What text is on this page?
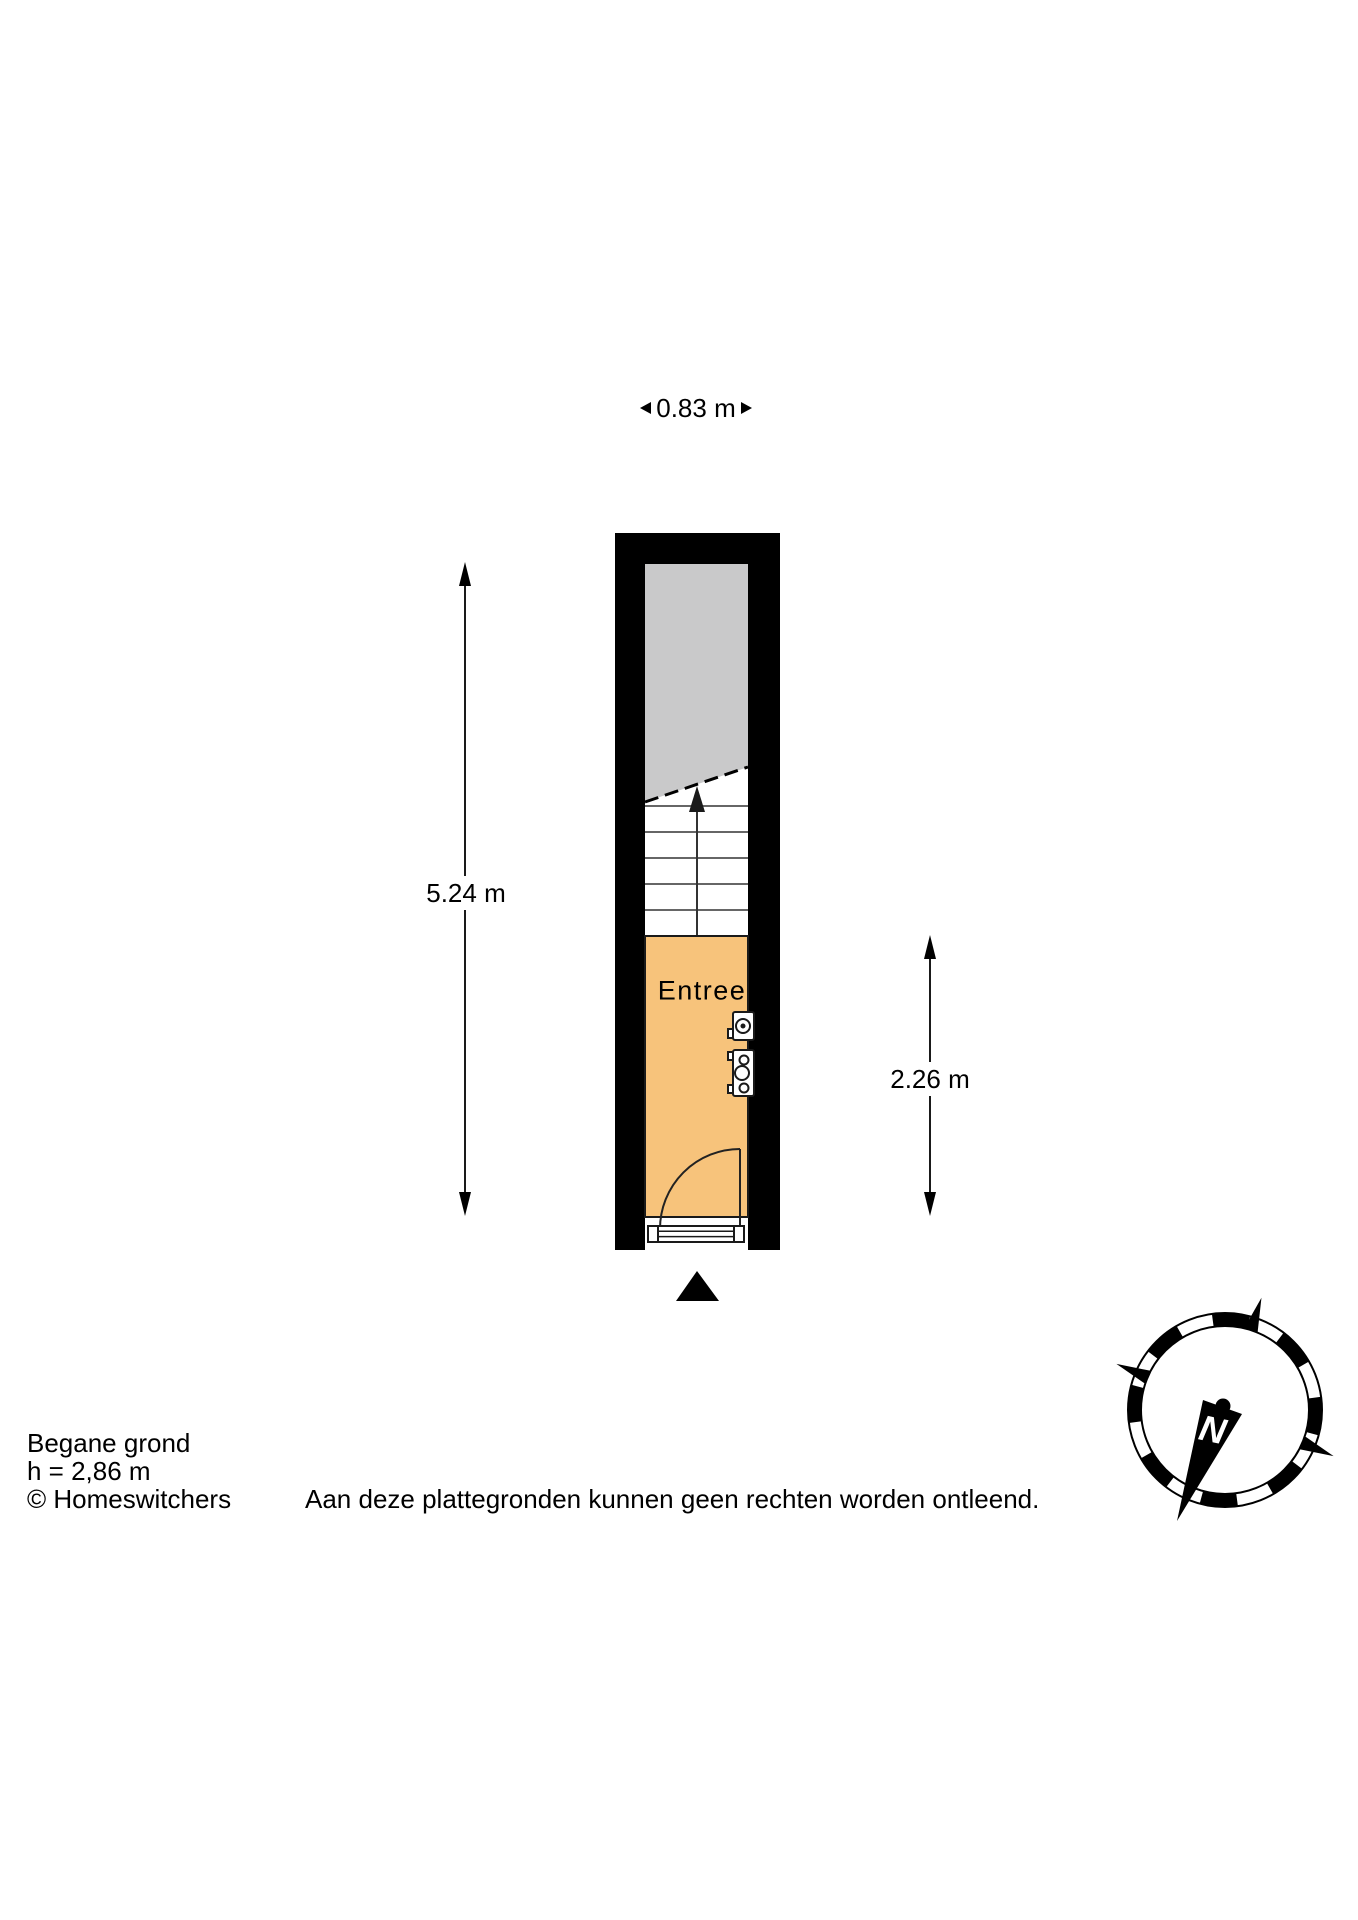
N
0.83 m
5.24 m
2.26 m
Entree
Begane grond
h = 2,86 m
© Homeswitchers	Aan deze plattegronden kunnen geen rechten worden ontleend.
